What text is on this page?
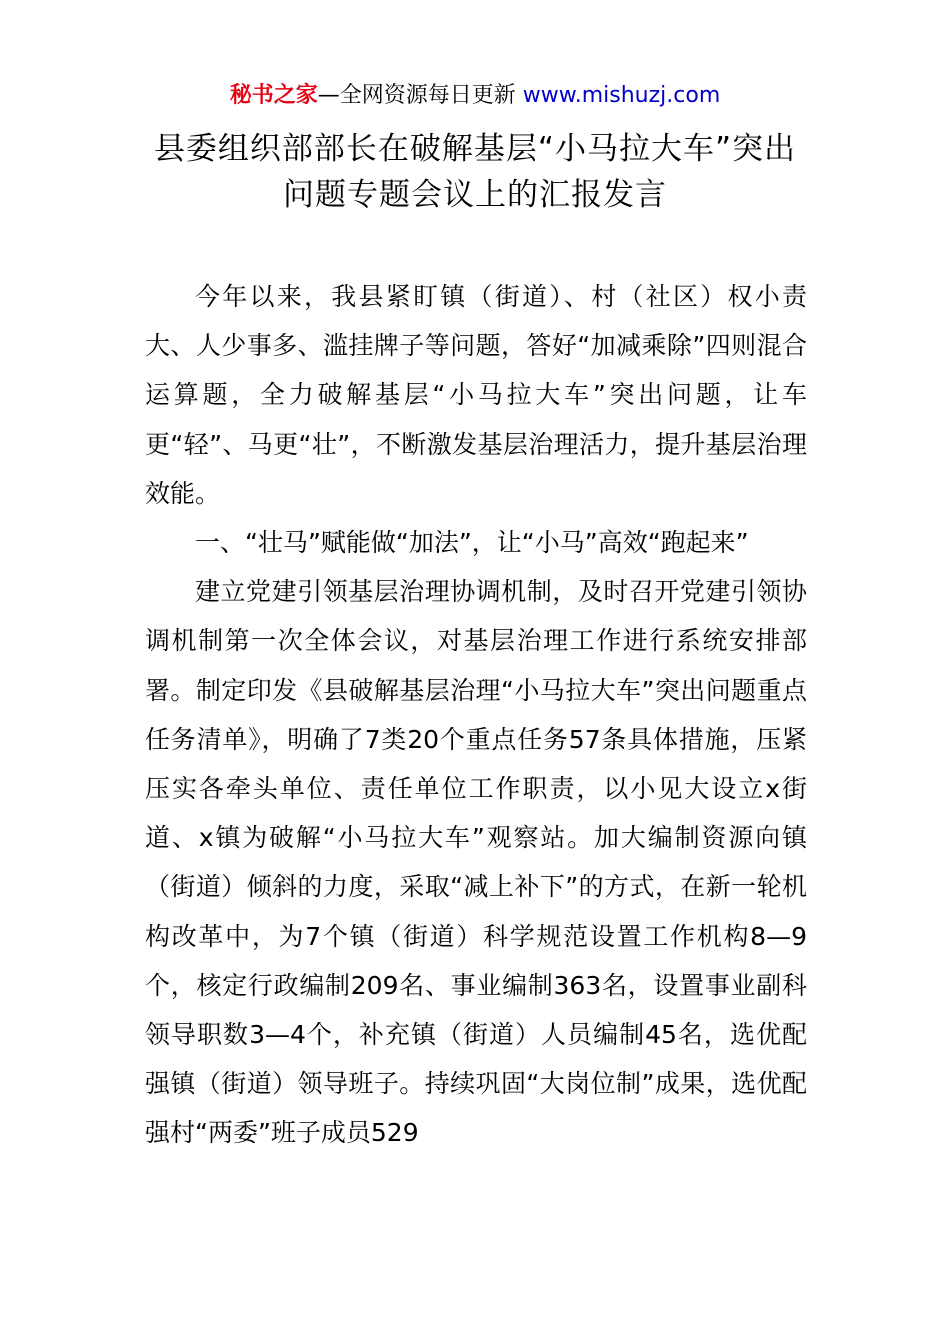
秘书之家—全网资源每日更新 www.mishuzj.com
县委组织部部长在破解基层“小马拉大车”突出问题专题会议上的汇报发言

今年以来，我县紧盯镇（街道）、村（社区）权小责大、人少事多、滥挂牌子等问题，答好“加减乘除”四则混合运算题，全力破解基层“小马拉大车”突出问题，让车更“轻”、马更“壮”，不断激发基层治理活力，提升基层治理效能。

一、“壮马”赋能做“加法”，让“小马”高效“跑起来”

建立党建引领基层治理协调机制，及时召开党建引领协调机制第一次全体会议，对基层治理工作进行系统安排部署。制定印发《县破解基层治理“小马拉大车”突出问题重点任务清单》，明确了7类20个重点任务57条具体措施，压紧压实各牵头单位、责任单位工作职责，以小见大设立x街道、x镇为破解“小马拉大车”观察站。加大编制资源向镇（街道）倾斜的力度，采取“减上补下”的方式，在新一轮机构改革中，为7个镇（街道）科学规范设置工作机构8—9个，核定行政编制209名、事业编制363名，设置事业副科领导职数3—4个，补充镇（街道）人员编制45名，选优配强镇（街道）领导班子。持续巩固“大岗位制”成果，选优配强村“两委”班子成员529
